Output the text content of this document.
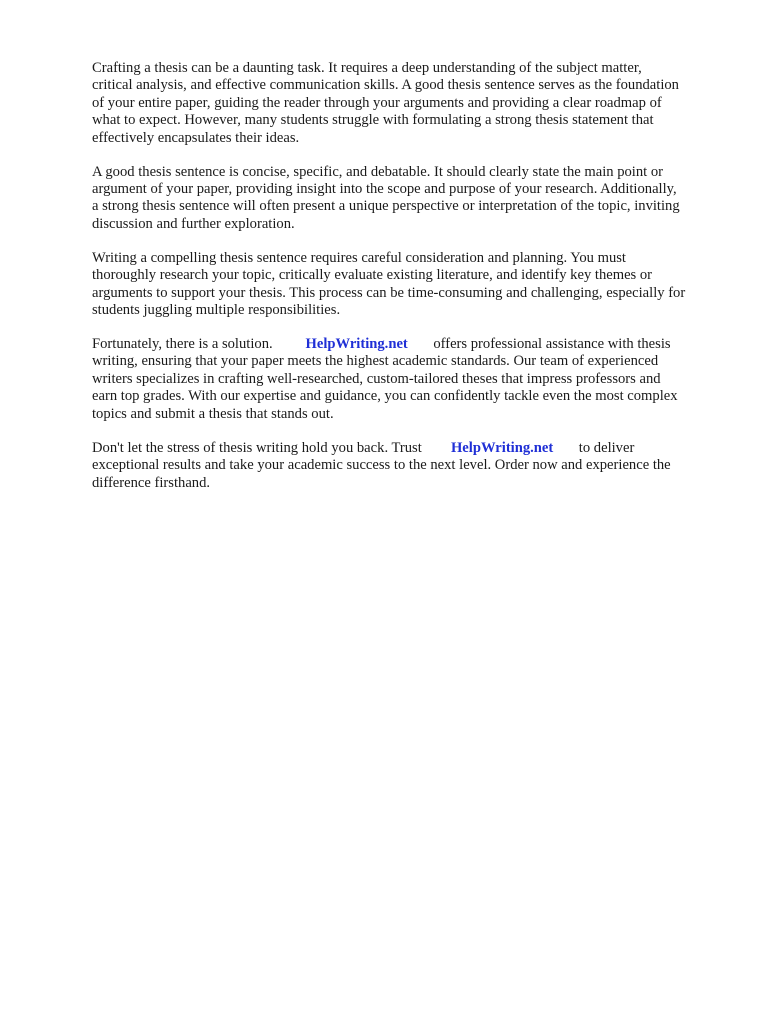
Crafting a thesis can be a daunting task. It requires a deep understanding of the subject matter,
critical analysis, and effective communication skills. A good thesis sentence serves as the foundation
of your entire paper, guiding the reader through your arguments and providing a clear roadmap of
what to expect. However, many students struggle with formulating a strong thesis statement that
effectively encapsulates their ideas.

A good thesis sentence is concise, specific, and debatable. It should clearly state the main point or
argument of your paper, providing insight into the scope and purpose of your research. Additionally,
a strong thesis sentence will often present a unique perspective or interpretation of the topic, inviting
discussion and further exploration.

Writing a compelling thesis sentence requires careful consideration and planning. You must
thoroughly research your topic, critically evaluate existing literature, and identify key themes or
arguments to support your thesis. This process can be time-consuming and challenging, especially for
students juggling multiple responsibilities.

Fortunately, there is a solution. HelpWriting.net offers professional assistance with thesis
writing, ensuring that your paper meets the highest academic standards. Our team of experienced
writers specializes in crafting well-researched, custom-tailored theses that impress professors and
earn top grades. With our expertise and guidance, you can confidently tackle even the most complex
topics and submit a thesis that stands out.

Don't let the stress of thesis writing hold you back. Trust HelpWriting.net to deliver
exceptional results and take your academic success to the next level. Order now and experience the
difference firsthand.
